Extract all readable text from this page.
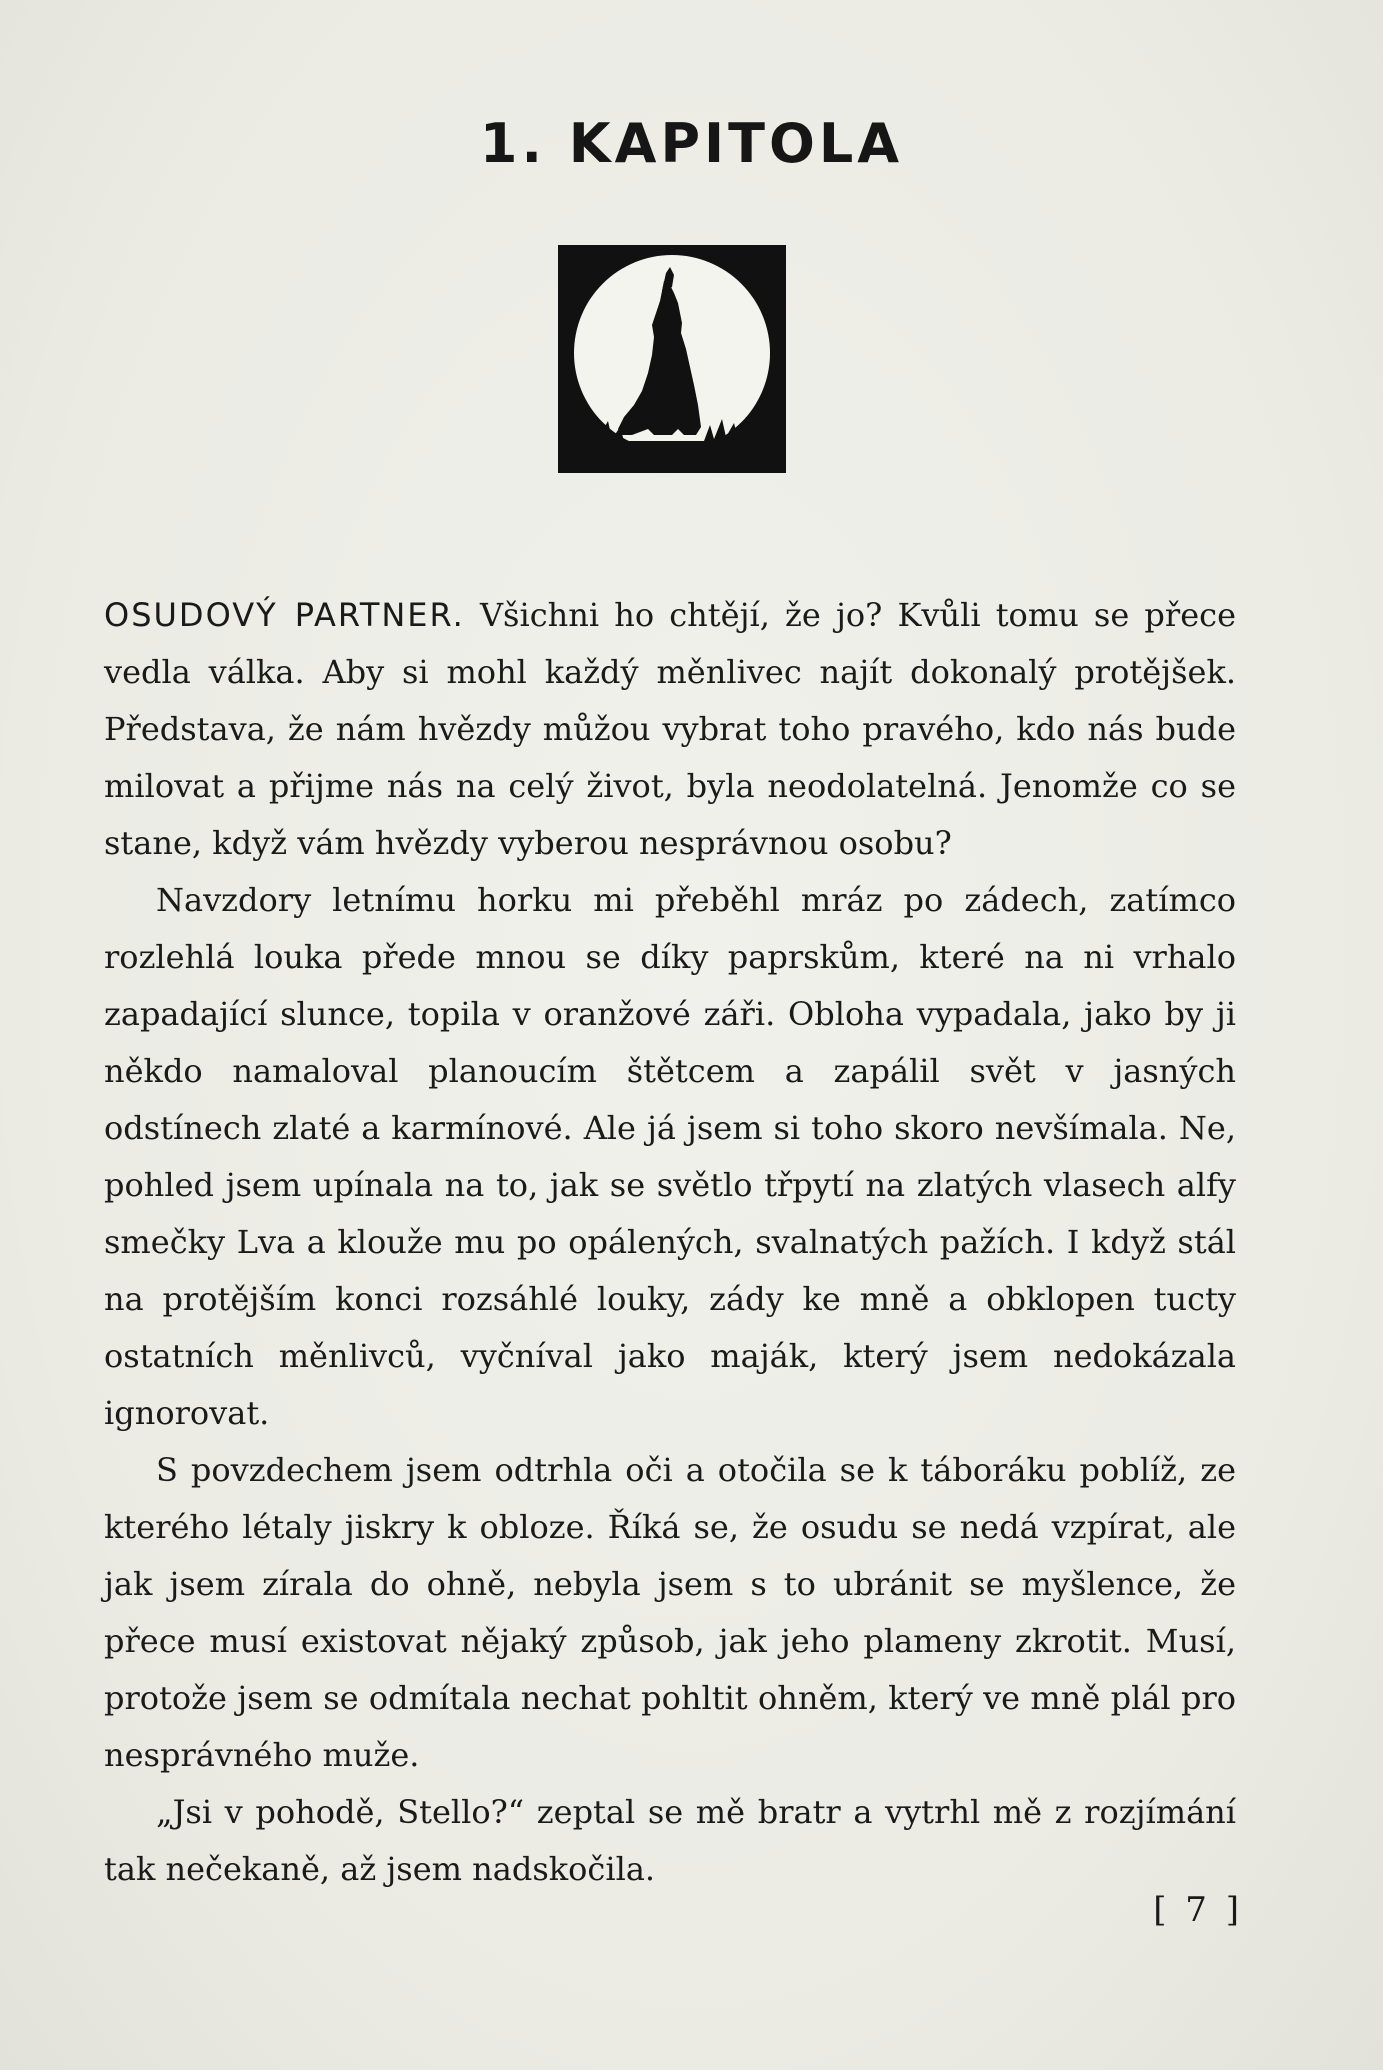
1. KAPITOLA

OSUDOVÝ PARTNER. Všichni ho chtějí, že jo? Kvůli tomu se přece vedla válka. Aby si mohl každý měnlivec najít dokonalý protějšek. Představa, že nám hvězdy můžou vybrat toho pravého, kdo nás bude milovat a přijme nás na celý život, byla neodolatelná. Jenomže co se stane, když vám hvězdy vyberou nesprávnou osobu?

Navzdory letnímu horku mi přeběhl mráz po zádech, zatímco rozlehlá louka přede mnou se díky paprskům, které na ni vrhalo zapadající slunce, topila v oranžové záři. Obloha vypadala, jako by ji někdo namaloval planoucím štětcem a zapálil svět v jasných odstínech zlaté a karmínové. Ale já jsem si toho skoro nevšímala. Ne, pohled jsem upínala na to, jak se světlo třpytí na zlatých vlasech alfy smečky Lva a klouže mu po opálených, svalnatých pažích. I když stál na protějším konci rozsáhlé louky, zády ke mně a obklopen tucty ostatních měnlivců, vyčníval jako maják, který jsem nedokázala ignorovat.

S povzdechem jsem odtrhla oči a otočila se k táboráku poblíž, ze kterého létaly jiskry k obloze. Říká se, že osudu se nedá vzpírat, ale jak jsem zírala do ohně, nebyla jsem s to ubránit se myšlence, že přece musí existovat nějaký způsob, jak jeho plameny zkrotit. Musí, protože jsem se odmítala nechat pohltit ohněm, který ve mně plál pro nesprávného muže.

„Jsi v pohodě, Stello?“ zeptal se mě bratr a vytrhl mě z rozjímání tak nečekaně, až jsem nadskočila.

[ 7 ]
